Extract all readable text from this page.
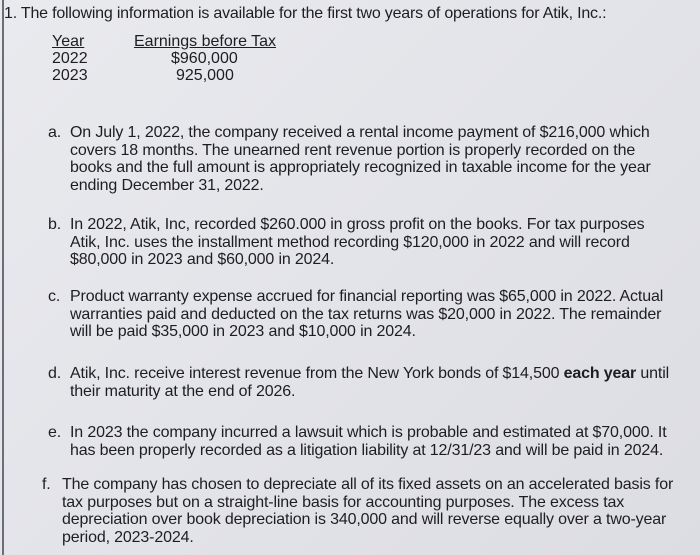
1. The following information is available for the first two years of operations for Atik, Inc.:
Year
2022
2023
Earnings before Tax
$960,000
925,000
a. On July 1, 2022, the company received a rental income payment of $216,000 which covers 18 months. The unearned rent revenue portion is properly recorded on the books and the full amount is appropriately recognized in taxable income for the year ending December 31, 2022.
b. In 2022, Atik, Inc, recorded $260.000 in gross profit on the books. For tax purposes Atik, Inc. uses the installment method recording $120,000 in 2022 and will record $80,000 in 2023 and $60,000 in 2024.
c. Product warranty expense accrued for financial reporting was $65,000 in 2022. Actual warranties paid and deducted on the tax returns was $20,000 in 2022. The remainder will be paid $35,000 in 2023 and $10,000 in 2024.
d. Atik, Inc. receive interest revenue from the New York bonds of $14,500 each year until their maturity at the end of 2026.
e. In 2023 the company incurred a lawsuit which is probable and estimated at $70,000. It has been properly recorded as a litigation liability at 12/31/23 and will be paid in 2024.
f. The company has chosen to depreciate all of its fixed assets on an accelerated basis for tax purposes but on a straight-line basis for accounting purposes. The excess tax depreciation over book depreciation is 340,000 and will reverse equally over a two-year period, 2023-2024.
